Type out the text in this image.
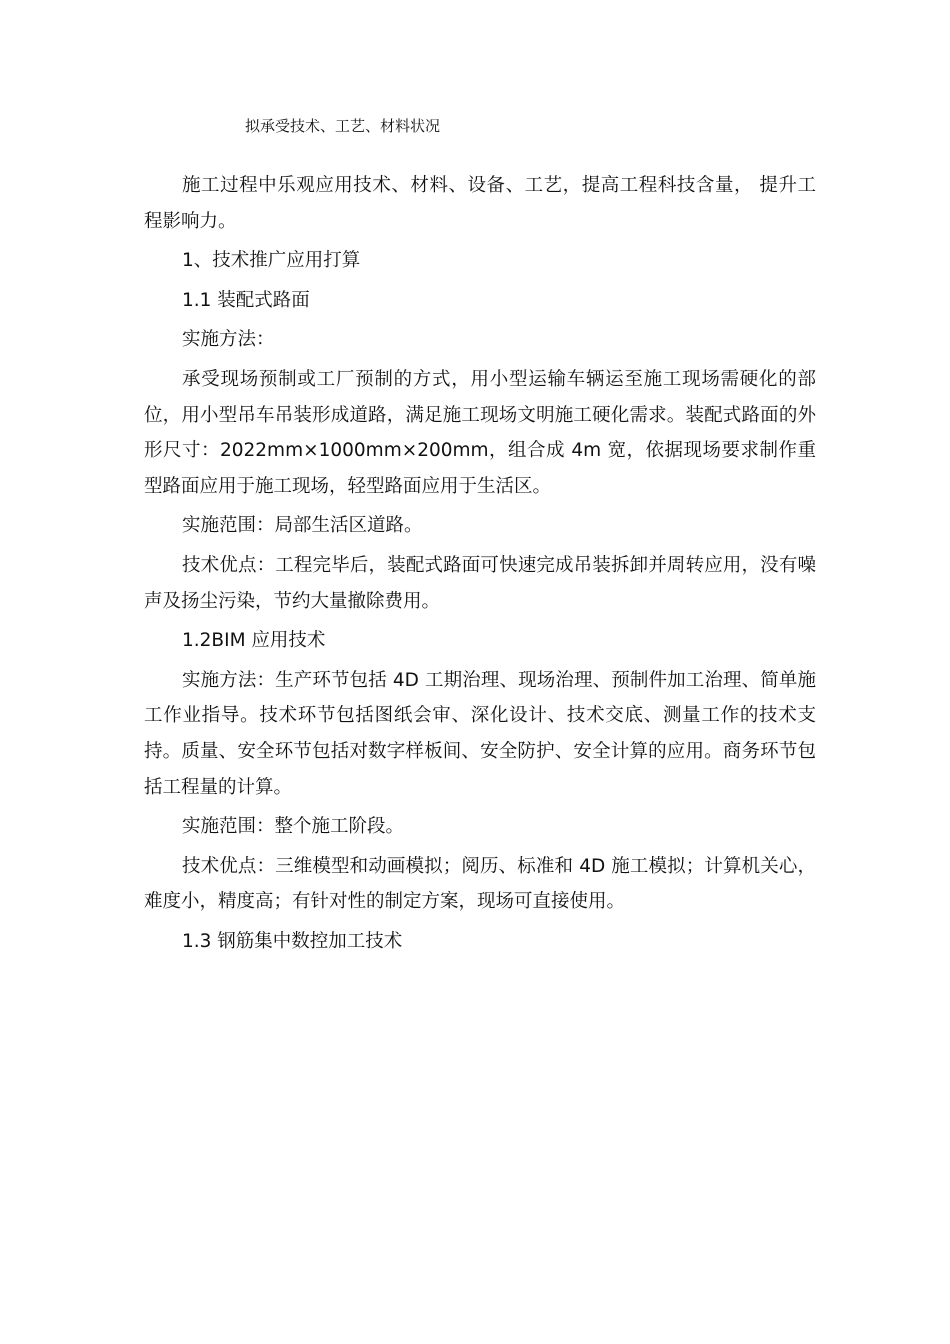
拟承受技术、工艺、材料状况

施工过程中乐观应用技术、材料、设备、工艺，提高工程科技含量， 提升工程影响力。

1、技术推广应用打算

1.1 装配式路面

实施方法：

承受现场预制或工厂预制的方式，用小型运输车辆运至施工现场需硬化的部位，用小型吊车吊装形成道路，满足施工现场文明施工硬化需求。装配式路面的外形尺寸：2022mm×1000mm×200mm，组合成 4m 宽，依据现场要求制作重型路面应用于施工现场，轻型路面应用于生活区。

实施范围：局部生活区道路。

技术优点：工程完毕后，装配式路面可快速完成吊装拆卸并周转应用，没有噪声及扬尘污染，节约大量撤除费用。

1.2BIM 应用技术

实施方法：生产环节包括 4D 工期治理、现场治理、预制件加工治理、简单施工作业指导。技术环节包括图纸会审、深化设计、技术交底、测量工作的技术支持。质量、安全环节包括对数字样板间、安全防护、安全计算的应用。商务环节包括工程量的计算。

实施范围：整个施工阶段。

技术优点：三维模型和动画模拟；阅历、标准和 4D 施工模拟；计算机关心，难度小，精度高；有针对性的制定方案，现场可直接使用。

1.3 钢筋集中数控加工技术
